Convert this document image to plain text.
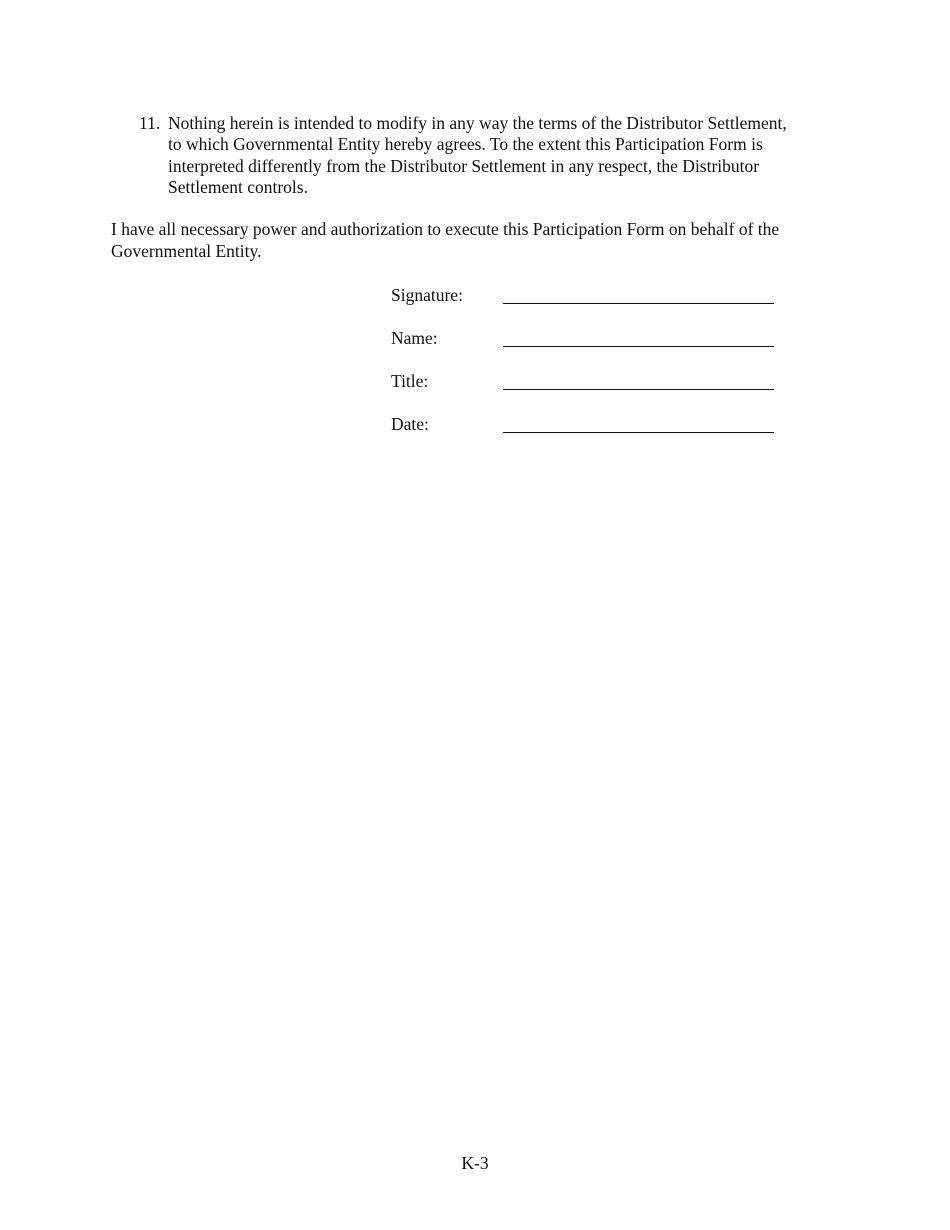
11. Nothing herein is intended to modify in any way the terms of the Distributor Settlement,
to which Governmental Entity hereby agrees. To the extent this Participation Form is
interpreted differently from the Distributor Settlement in any respect, the Distributor
Settlement controls.
I have all necessary power and authorization to execute this Participation Form on behalf of the
Governmental Entity.
Signature:
Name:
Title:
Date:
K-3
